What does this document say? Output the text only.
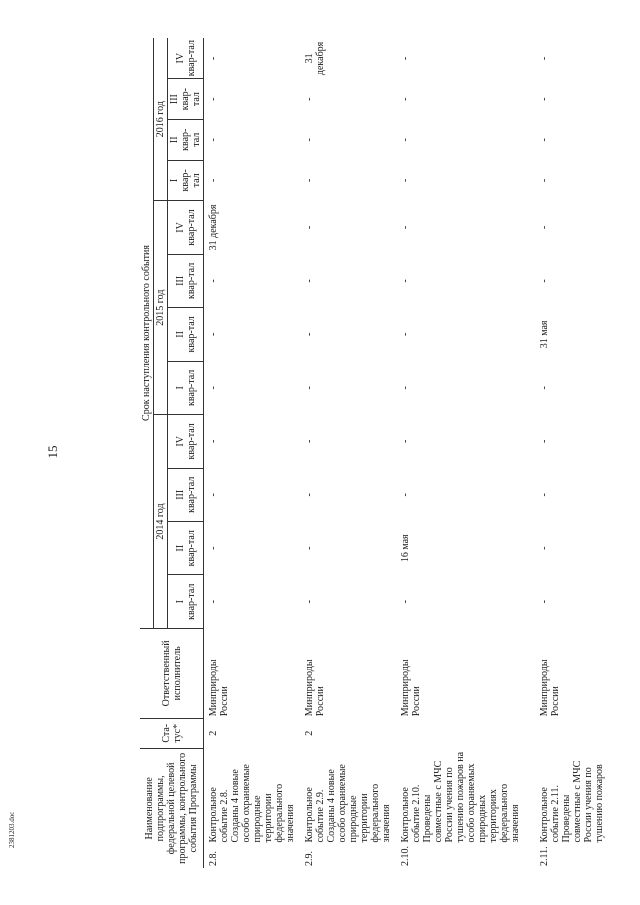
15
2381203.doc	Наименование подпрограммы, федеральной целевой программы, контрольного события Программы		Ста-тус*	Ответственный исполнитель	Срок наступления контрольного события											
				2014 год				2015 год				2016 год			

				I квар-тал	II квар-тал	III квар-тал	IV квар-тал	I квар-тал	II квар-тал	III квар-тал	IV квар-тал	I квар-тал	II квар-тал	III квар-тал	IV квар-тал

2.8.	Контрольное событие 2.8. Созданы 4 новые особо охраняемые природные территории федерального значения	2	Минприроды России	-	-	-	-	-	-	-	31 декабря	-	-	-	-
2.9.	Контрольное событие 2.9. Созданы 4 новые особо охраняемые природные территории федерального значения	2	Минприроды России	-	-	-	-	-	-	-	-	-	-	-	31 декабря
2.10.	Контрольное событие 2.10. Проведены совместные с МЧС России учения по тушению пожаров на особо охраняемых природных территориях федерального значения		Минприроды России	-	16 мая	-	-	-	-	-	-	-	-	-	-
2.11.	Контрольное событие 2.11. Проведены совместные с МЧС России учения по тушению пожаров		Минприроды России	-	-	-	-	-	31 мая	-	-	-	-	-	-
